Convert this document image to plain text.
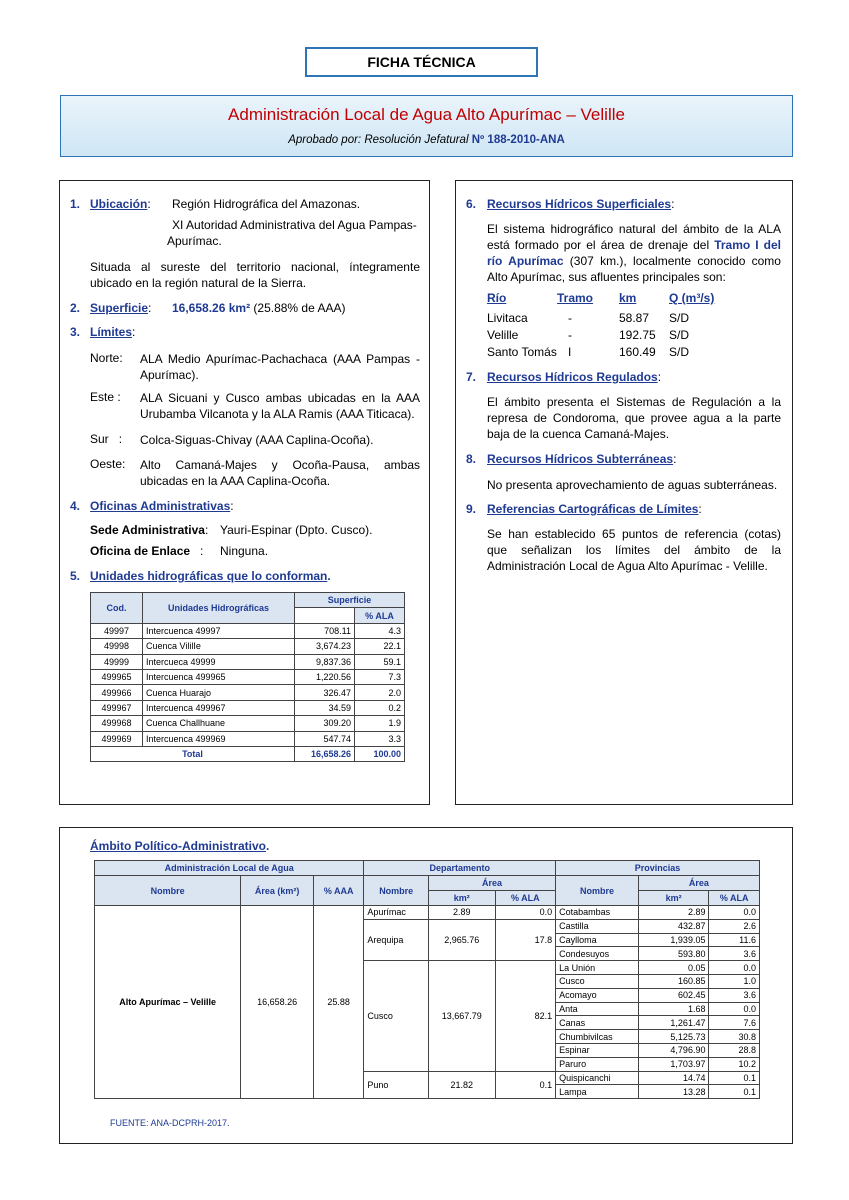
FICHA TÉCNICA
Administración Local de Agua Alto Apurímac – Velille
Aprobado por: Resolución Jefatural Nº 188-2010-ANA
1. Ubicación: Región Hidrográfica del Amazonas.
XI Autoridad Administrativa del Agua Pampas-
Apurímac.
Situada al sureste del territorio nacional, íntegramente ubicado en la región natural de la Sierra.
2. Superficie: 16,658.26 km² (25.88% de AAA)
3. Límites:
Norte: ALA Medio Apurímac-Pachachaca (AAA Pampas - Apurímac).
Este : ALA Sicuani y Cusco ambas ubicadas en la AAA Urubamba Vilcanota y la ALA Ramis (AAA Titicaca).
Sur   : Colca-Siguas-Chivay (AAA Caplina-Ocoña).
Oeste: Alto Camaná-Majes y Ocoña-Pausa, ambas ubicadas en la AAA Caplina-Ocoña.
4. Oficinas Administrativas:
Sede Administrativa: Yauri-Espinar (Dpto. Cusco).
Oficina de Enlace   : Ninguna.
5. Unidades hidrográficas que lo conforman.
Cod.	Unidades Hidrográficas	Superficie	
			% ALA
49997	Intercuenca 49997	708.11	4.3
49998	Cuenca VililIe	3,674.23	22.1
49999	Intercueca 49999	9,837.36	59.1
499965	Intercuenca 499965	1,220.56	7.3
499966	Cuenca Huarajo	326.47	2.0
499967	Intercuenca 499967	34.59	0.2
499968	Cuenca Challhuane	309.20	1.9
499969	Intercuenca 499969	547.74	3.3
Total		16,658.26	100.00
6. Recursos Hídricos Superficiales:
El sistema hidrográfico natural del ámbito de la ALA está formado por el área de drenaje del Tramo I del río Apurímac (307 km.), localmente conocido como Alto Apurímac, sus afluentes principales son:
Río	Tramo km	Q (m³/s)
Livitaca	-	58.87 S/D
Velille	-	192.75 S/D
Santo Tomás I	160.49 S/D
7. Recursos Hídricos Regulados:
El ámbito presenta el Sistemas de Regulación a la represa de Condoroma, que provee agua a la parte baja de la cuenca Camaná-Majes.
8. Recursos Hídricos Subterráneas:
No presenta aprovechamiento de aguas subterráneas.
9. Referencias Cartográficas de Límites:
Se han establecido 65 puntos de referencia (cotas) que señalizan los límites del ámbito de la Administración Local de Agua Alto Apurímac - Velille.
Ámbito Político-Administrativo.
Administración Local de Agua			Departamento			Provincias		
Nombre	Área (km²)	% AAA	Nombre	Área		Nombre	Área	
				km²	% ALA		km²	% ALA
Alto Apurímac – Velille	16,658.26	25.88	Apurímac	2.89	0.0	Cotabambas	2.89	0.0
			Arequipa	2,965.76	17.8	Castilla	432.87	2.6
						Caylloma	1,939.05	11.6
						Condesuyos	593.80	3.6
			Cusco	13,667.79	82.1	La Unión	0.05	0.0
						Cusco	160.85	1.0
						Acomayo	602.45	3.6
						Anta	1.68	0.0
						Canas	1,261.47	7.6
						Chumbivilcas	5,125.73	30.8
						Espinar	4,796.90	28.8
						Paruro	1,703.97	10.2
			Puno	21.82	0.1	Quispicanchi	14.74	0.1
						Lampa	13.28	0.1
FUENTE: ANA-DCPRH-2017.
